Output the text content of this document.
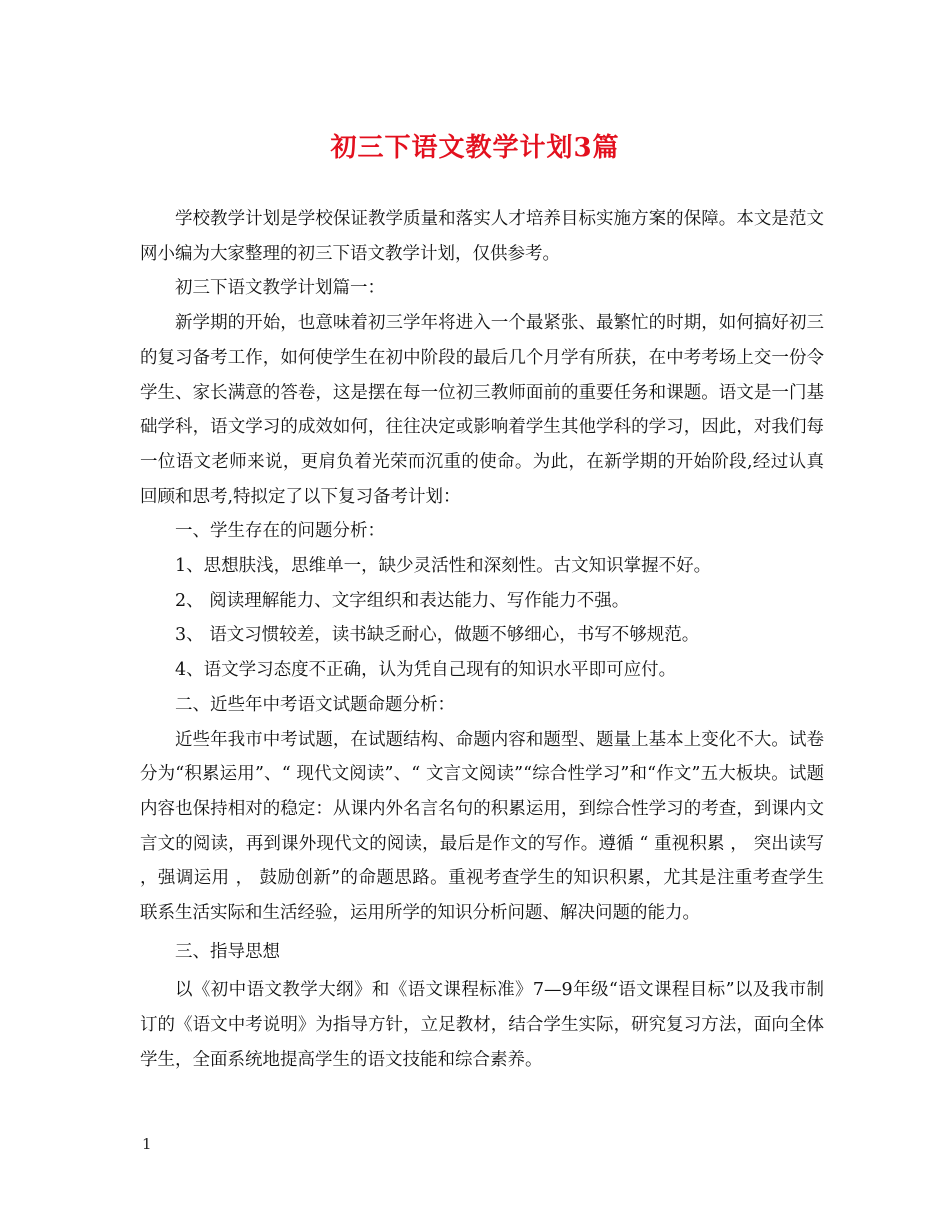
初三下语文教学计划3篇

学校教学计划是学校保证教学质量和落实人才培养目标实施方案的保障。本文是范文网小编为大家整理的初三下语文教学计划，仅供参考。

初三下语文教学计划篇一：

新学期的开始，也意味着初三学年将进入一个最紧张、最繁忙的时期，如何搞好初三的复习备考工作，如何使学生在初中阶段的最后几个月学有所获，在中考考场上交一份令学生、家长满意的答卷，这是摆在每一位初三教师面前的重要任务和课题。语文是一门基础学科，语文学习的成效如何，往往决定或影响着学生其他学科的学习，因此，对我们每一位语文老师来说，更肩负着光荣而沉重的使命。为此，在新学期的开始阶段,经过认真回顾和思考,特拟定了以下复习备考计划：

一、学生存在的问题分析：

1、思想肤浅，思维单一，缺少灵活性和深刻性。古文知识掌握不好。

2、 阅读理解能力、文字组织和表达能力、写作能力不强。

3、 语文习惯较差，读书缺乏耐心，做题不够细心，书写不够规范。

4、语文学习态度不正确，认为凭自己现有的知识水平即可应付。

二、近些年中考语文试题命题分析：

近些年我市中考试题，在试题结构、命题内容和题型、题量上基本上变化不大。试卷分为“积累运用”、“ 现代文阅读”、“ 文言文阅读”“综合性学习”和“作文”五大板块。试题内容也保持相对的稳定：从课内外名言名句的积累运用，到综合性学习的考查，到课内文言文的阅读，再到课外现代文的阅读，最后是作文的写作。遵循 “ 重视积累 ， 突出读写 ，强调运用 ， 鼓励创新”的命题思路。重视考查学生的知识积累，尤其是注重考查学生联系生活实际和生活经验，运用所学的知识分析问题、解决问题的能力。

三、指导思想

以《初中语文教学大纲》和《语文课程标准》7—9年级“语文课程目标”以及我市制订的《语文中考说明》为指导方针，立足教材，结合学生实际，研究复习方法，面向全体学生，全面系统地提高学生的语文技能和综合素养。

1
